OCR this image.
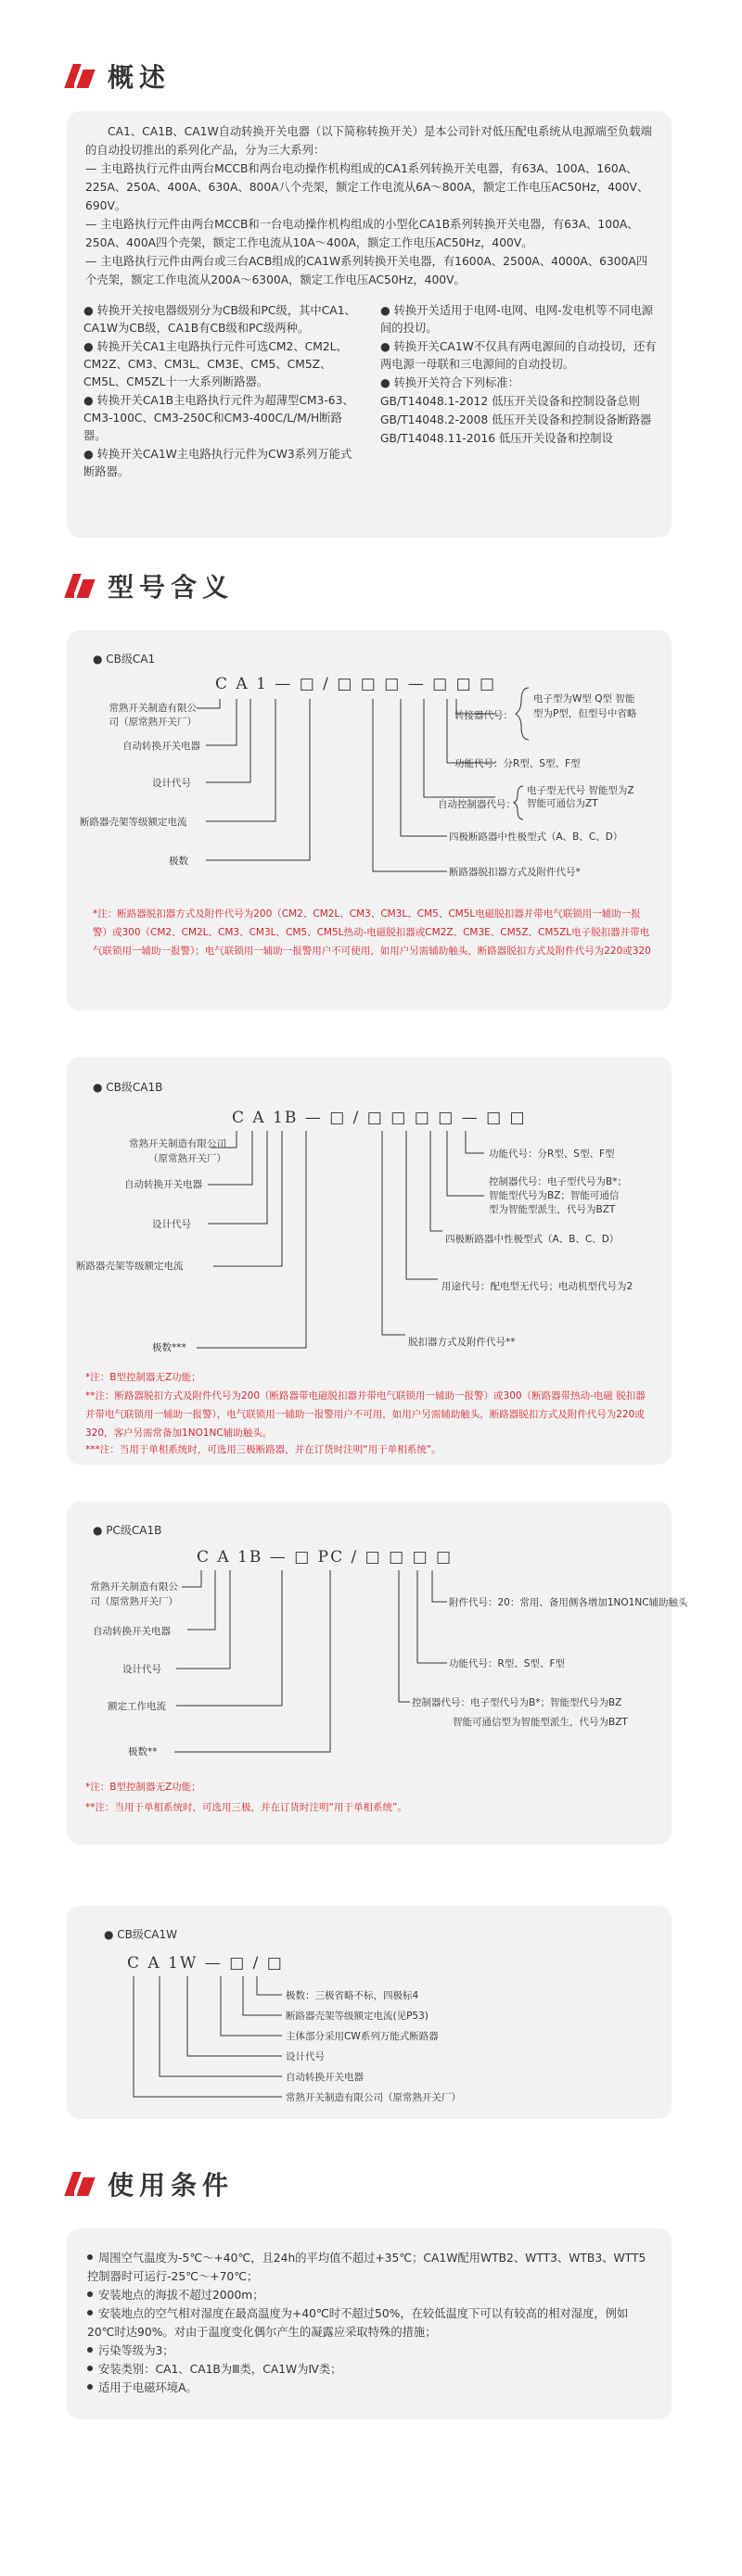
概述

CA1、CA1B、CA1W自动转换开关电器（以下简称转换开关）是本公司针对低压配电系统从电源端至负载端的自动投切推出的系列化产品，分为三大系列：

— 主电路执行元件由两台MCCB和两台电动操作机构组成的CA1系列转换开关电器，有63A、100A、160A、225A、250A、400A、630A、800A八个壳架，额定工作电流从6A～800A，额定工作电压AC50Hz，400V、690V。

— 主电路执行元件由两台MCCB和一台电动操作机构组成的小型化CA1B系列转换开关电器，有63A、100A、250A、400A四个壳架，额定工作电流从10A～400A，额定工作电压AC50Hz，400V。

— 主电路执行元件由两台或三台ACB组成的CA1W系列转换开关电器，有1600A、2500A、4000A、6300A四个壳架，额定工作电流从200A～6300A，额定工作电压AC50Hz，400V。

● 转换开关按电器级别分为CB级和PC级，其中CA1、CA1W为CB级，CA1B有CB级和PC级两种。

● 转换开关CA1主电路执行元件可选CM2、CM2L、CM2Z、CM3、CM3L、CM3E、CM5、CM5Z、CM5L、CM5ZL十一大系列断路器。

● 转换开关CA1B主电路执行元件为超薄型CM3-63、CM3-100C、CM3-250C和CM3-400C/L/M/H断路器。

● 转换开关CA1W主电路执行元件为CW3系列万能式断路器。

● 转换开关适用于电网-电网、电网-发电机等不同电源间的投切。

● 转换开关CA1W不仅具有两电源间的自动投切，还有两电源一母联和三电源间的自动投切。

● 转换开关符合下列标准：

GB/T14048.1-2012 低压开关设备和控制设备总则

GB/T14048.2-2008 低压开关设备和控制设备断路器

GB/T14048.11-2016 低压开关设备和控制设

型号含义
● CB级CA1
C A 1 — □ / □ □ □ — □ □ □
常熟开关制造有限公司（原常熟开关厂）
自动转换开关电器
设计代号
断路器壳架等级额定电流
极数
转接器代号：
电子型为W型 Q型 智能型为P型，但型号中省略
功能代号：分R型、S型、F型
自动控制器代号：
电子型无代号 智能型为Z 智能可通信为ZT
四极断路器中性极型式（A、B、C、D）
断路器脱扣器方式及附件代号*
*注：断路器脱扣器方式及附件代号为200（CM2、CM2L、CM3、CM3L、CM5、CM5L电磁脱扣器并带电气联锁用一辅助一报警）或300（CM2、CM2L、CM3、CM3L、CM5、CM5L热动-电磁脱扣器或CM2Z、CM3E、CM5Z、CM5ZL电子脱扣器并带电气联锁用一辅助一报警）；电气联锁用一辅助一报警用户不可使用，如用户另需辅助触头，断路器脱扣方式及附件代号为220或320
● CB级CA1B
C A 1B — □ / □ □ □ □ — □ □
常熟开关制造有限公司（原常熟开关厂）
自动转换开关电器
设计代号
断路器壳架等级额定电流
极数***
功能代号：分R型、S型、F型
控制器代号：电子型代号为B*；智能型代号为BZ；智能可通信型为智能型派生，代号为BZT
四极断路器中性极型式（A、B、C、D）
用途代号：配电型无代号；电动机型代号为2
脱扣器方式及附件代号**
*注：B型控制器无Z功能；
**注：断路器脱扣方式及附件代号为200（断路器带电磁脱扣器并带电气联锁用一辅助一报警）或300（断路器带热动-电磁 脱扣器并带电气联锁用一辅助一报警），电气联锁用一辅助一报警用户不可用，如用户另需辅助触头，断路器脱扣方式及附件代号为220或320，客户另需常备加1NO1NC辅助触头。
***注：当用于单相系统时，可选用三极断路器，并在订货时注明“用于单相系统”。
● PC级CA1B
C A 1B — □ PC / □ □ □ □
常熟开关制造有限公司（原常熟开关厂）
自动转换开关电器
设计代号
额定工作电流
极数**
附件代号：20：常用、备用侧各增加1NO1NC辅助触头
功能代号：R型、S型、F型
控制器代号：电子型代号为B*；智能型代号为BZ
智能可通信型为智能型派生，代号为BZT
*注：B型控制器无Z功能；
**注：当用于单相系统时，可选用三极，并在订货时注明“用于单相系统”。
● CB级CA1W
C A 1W — □ / □
极数：三极省略不标，四极标4
断路器壳架等级额定电流(见P53)
主体部分采用CW系列万能式断路器
设计代号
自动转换开关电器
常熟开关制造有限公司（原常熟开关厂）
使用条件

周围空气温度为-5℃～+40℃，且24h的平均值不超过+35℃；CA1W配用WTB2、WTT3、WTB3、WTT5控制器时可运行-25℃～+70℃；

安装地点的海拔不超过2000m；

安装地点的空气相对湿度在最高温度为+40℃时不超过50%，在较低温度下可以有较高的相对湿度，例如20℃时达90%。对由于温度变化偶尔产生的凝露应采取特殊的措施；

污染等级为3；

安装类别：CA1、CA1B为Ⅲ类，CA1W为Ⅳ类；

适用于电磁环境A。
